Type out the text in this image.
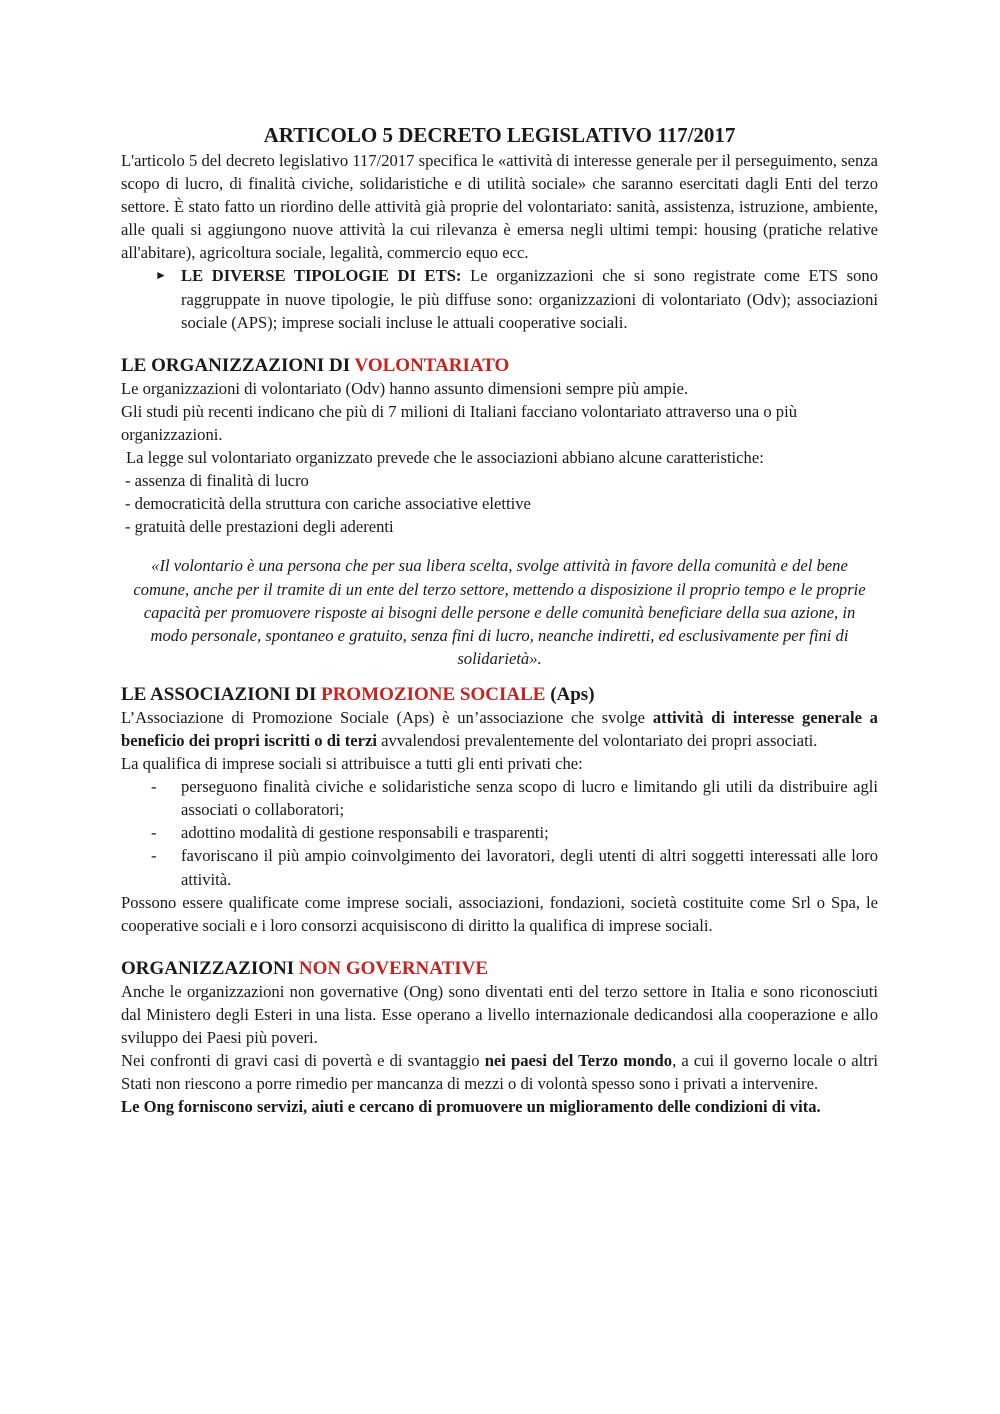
ARTICOLO 5 DECRETO LEGISLATIVO 117/2017

L'articolo 5 del decreto legislativo 117/2017 specifica le «attività di interesse generale per il perseguimento, senza scopo di lucro, di finalità civiche, solidaristiche e di utilità sociale» che saranno esercitati dagli Enti del terzo settore. È stato fatto un riordino delle attività già proprie del volontariato: sanità, assistenza, istruzione, ambiente, alle quali si aggiungono nuove attività la cui rilevanza è emersa negli ultimi tempi: housing (pratiche relative all'abitare), agricoltura sociale, legalità, commercio equo ecc.

► LE DIVERSE TIPOLOGIE DI ETS: Le organizzazioni che si sono registrate come ETS sono raggruppate in nuove tipologie, le più diffuse sono: organizzazioni di volontariato (Odv); associazioni sociale (APS); imprese sociali incluse le attuali cooperative sociali.

LE ORGANIZZAZIONI DI VOLONTARIATO

Le organizzazioni di volontariato (Odv) hanno assunto dimensioni sempre più ampie.

Gli studi più recenti indicano che più di 7 milioni di Italiani facciano volontariato attraverso una o più organizzazioni.

La legge sul volontariato organizzato prevede che le associazioni abbiano alcune caratteristiche:

- assenza di finalità di lucro

- democraticità della struttura con cariche associative elettive

- gratuità delle prestazioni degli aderenti

«Il volontario è una persona che per sua libera scelta, svolge attività in favore della comunità e del bene comune, anche per il tramite di un ente del terzo settore, mettendo a disposizione il proprio tempo e le proprie capacità per promuovere risposte ai bisogni delle persone e delle comunità beneficiare della sua azione, in modo personale, spontaneo e gratuito, senza fini di lucro, neanche indiretti, ed esclusivamente per fini di solidarietà».

LE ASSOCIAZIONI DI PROMOZIONE SOCIALE (Aps)

L’Associazione di Promozione Sociale (Aps) è un’associazione che svolge attività di interesse generale a beneficio dei propri iscritti o di terzi avvalendosi prevalentemente del volontariato dei propri associati.

La qualifica di imprese sociali si attribuisce a tutti gli enti privati che:

- perseguono finalità civiche e solidaristiche senza scopo di lucro e limitando gli utili da distribuire agli associati o collaboratori;
- adottino modalità di gestione responsabili e trasparenti;
- favoriscano il più ampio coinvolgimento dei lavoratori, degli utenti di altri soggetti interessati alle loro attività.

Possono essere qualificate come imprese sociali, associazioni, fondazioni, società costituite come Srl o Spa, le cooperative sociali e i loro consorzi acquisiscono di diritto la qualifica di imprese sociali.

ORGANIZZAZIONI NON GOVERNATIVE

Anche le organizzazioni non governative (Ong) sono diventati enti del terzo settore in Italia e sono riconosciuti dal Ministero degli Esteri in una lista. Esse operano a livello internazionale dedicandosi alla cooperazione e allo sviluppo dei Paesi più poveri.

Nei confronti di gravi casi di povertà e di svantaggio nei paesi del Terzo mondo, a cui il governo locale o altri Stati non riescono a porre rimedio per mancanza di mezzi o di volontà spesso sono i privati a intervenire.

Le Ong forniscono servizi, aiuti e cercano di promuovere un miglioramento delle condizioni di vita.
